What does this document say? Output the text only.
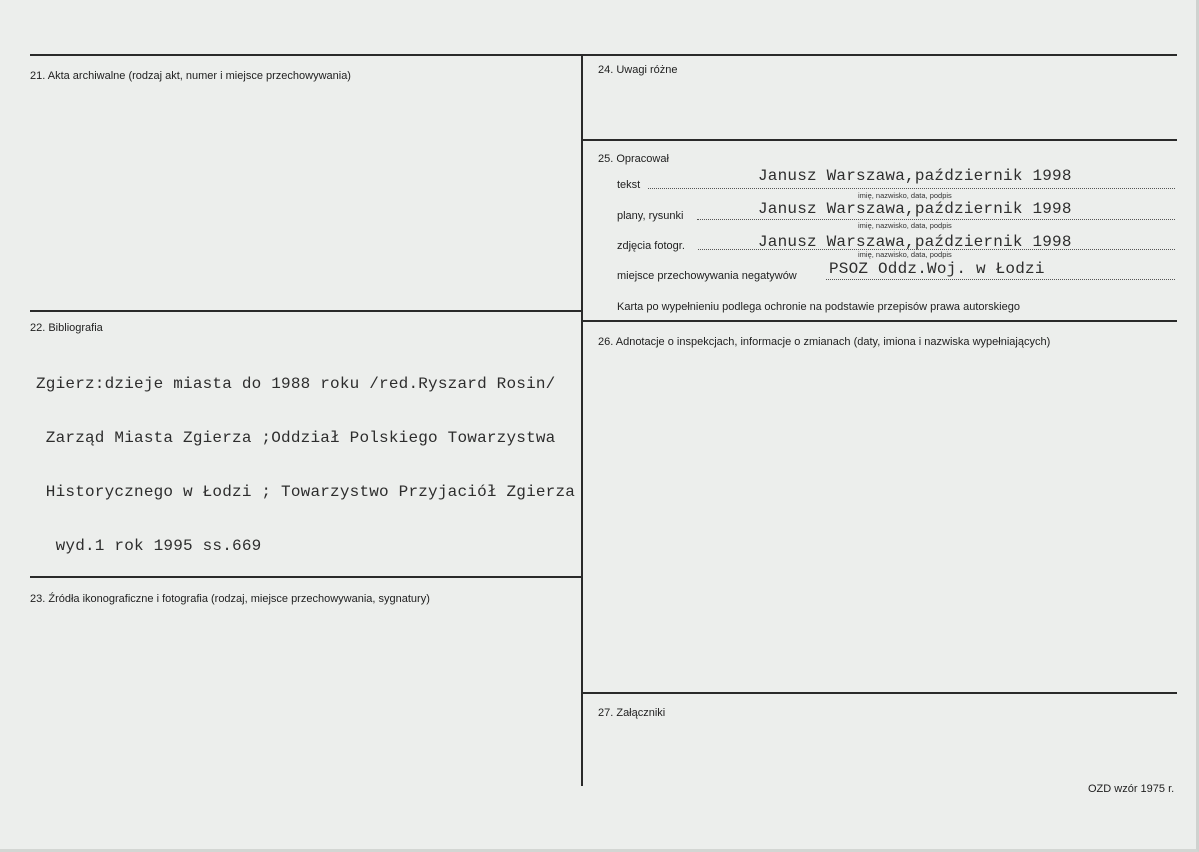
21. Akta archiwalne (rodzaj akt, numer i miejsce przechowywania)
22. Bibliografia
23. Źródła ikonograficzne i fotografia (rodzaj, miejsce przechowywania, sygnatury)

Zgierz:dzieje miasta do 1988 roku /red.Ryszard Rosin/

Zarząd Miasta Zgierza ;Oddział Polskiego Towarzystwa

Historycznego w Łodzi ; Towarzystwo Przyjaciół Zgierza

wyd.1 rok 1995 ss.669

24. Uwagi różne
25. Opracował
tekst	Janusz Warszawa,październik 1998
imię, nazwisko, data, podpis
plany, rysunki	Janusz Warszawa,październik 1998
imię, nazwisko, data, podpis
zdjęcia fotogr.	Janusz Warszawa,październik 1998
imię, nazwisko, data, podpis
miejsce przechowywania negatywów PSOZ Oddz.Woj. w Łodzi
Karta po wypełnieniu podlega ochronie na podstawie przepisów prawa autorskiego
26. Adnotacje o inspekcjach, informacje o zmianach (daty, imiona i nazwiska wypełniających)
27. Załączniki
OZD wzór 1975 r.
